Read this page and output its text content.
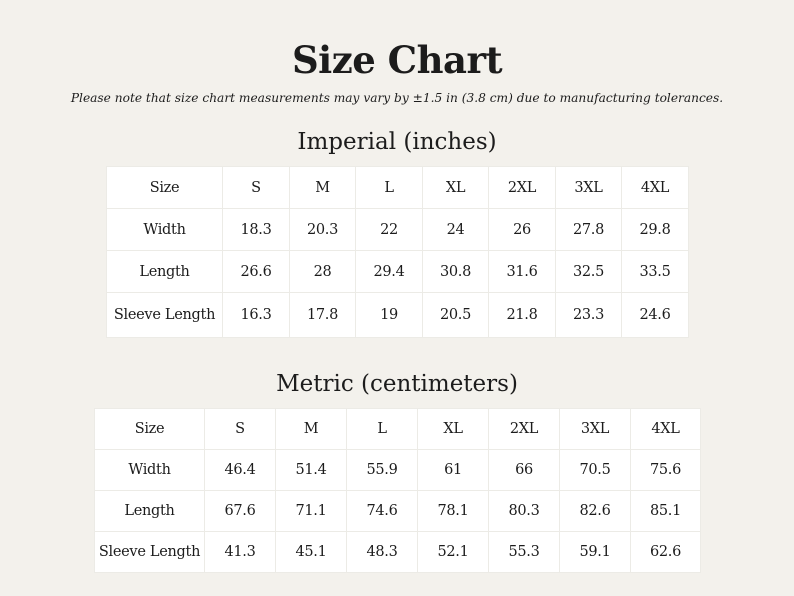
Size Chart
Please note that size chart measurements may vary by ±1.5 in (3.8 cm) due to manufacturing tolerances.
Imperial (inches)
Size	S	M	L	XL	2XL	3XL	4XL
Width	18.3	20.3	22	24	26	27.8	29.8
Length	26.6	28	29.4	30.8	31.6	32.5	33.5
Sleeve Length	16.3	17.8	19	20.5	21.8	23.3	24.6
Metric (centimeters)
Size	S	M	L	XL	2XL	3XL	4XL
Width	46.4	51.4	55.9	61	66	70.5	75.6
Length	67.6	71.1	74.6	78.1	80.3	82.6	85.1
Sleeve Length	41.3	45.1	48.3	52.1	55.3	59.1	62.6
